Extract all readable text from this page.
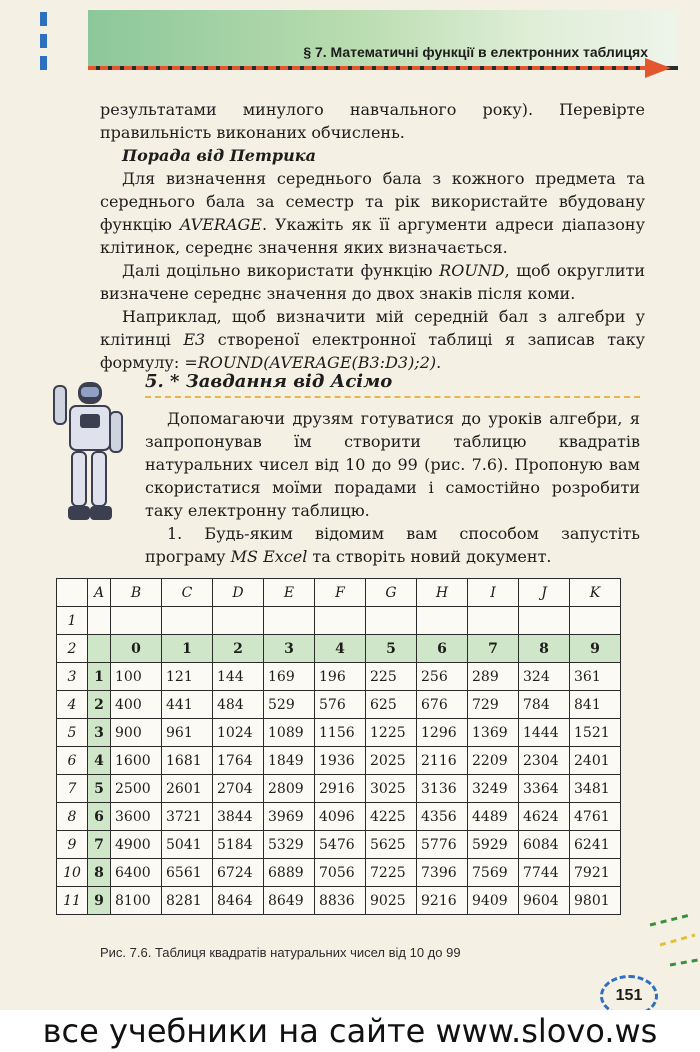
§ 7. Математичні функції в електронних таблицях

результатами минулого навчального року). Перевірте правильність виконаних обчислень.

Порада від Петрика

Для визначення середнього бала з кожного предмета та середнього бала за семестр та рік використайте вбудовану функцію AVERAGE. Укажіть як її аргументи адреси діапазону клітинок, середнє значення яких визначається.

Далі доцільно використати функцію ROUND, щоб округлити визначене середнє значення до двох знаків після коми.

Наприклад, щоб визначити мій середній бал з алгебри у клітинці E3 створеної електронної таблиці я записав таку формулу: =ROUND(AVERAGE(B3:D3);2).

5. * Завдання від Асімо

Допомагаючи друзям готуватися до уроків алгебри, я запропонував їм створити таблицю квадратів натуральних чисел від 10 до 99 (рис. 7.6). Пропоную вам скористатися моїми порадами і самостійно розробити таку електронну таблицю.

1. Будь-яким відомим вам способом запустіть програму MS Excel та створіть новий документ.

	A	B	C	D	E	F	G	H	I	J	K
1											
2		0	1	2	3	4	5	6	7	8	9
3	1	100	121	144	169	196	225	256	289	324	361
4	2	400	441	484	529	576	625	676	729	784	841
5	3	900	961	1024	1089	1156	1225	1296	1369	1444	1521
6	4	1600	1681	1764	1849	1936	2025	2116	2209	2304	2401
7	5	2500	2601	2704	2809	2916	3025	3136	3249	3364	3481
8	6	3600	3721	3844	3969	4096	4225	4356	4489	4624	4761
9	7	4900	5041	5184	5329	5476	5625	5776	5929	6084	6241
10	8	6400	6561	6724	6889	7056	7225	7396	7569	7744	7921
11	9	8100	8281	8464	8649	8836	9025	9216	9409	9604	9801
Рис. 7.6. Таблиця квадратів натуральних чисел від 10 до 99
151
все учебники на сайте www.slovo.ws
